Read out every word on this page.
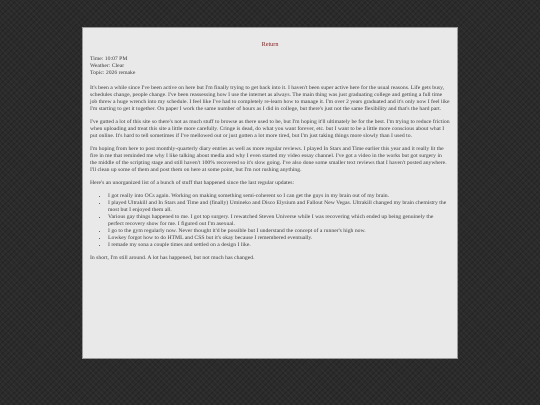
Return
Time: 10:07 PM
Weather: Clear
Topic: 2026 remake

It's been a while since I've been active on here but I'm finally trying to get back into it. I haven't been super active here for the usual reasons. Life gets busy, schedules change, people change. I've been reassessing how I use the internet as always. The main thing was just graduating college and getting a full time job threw a huge wrench into my schedule. I feel like I've had to completely re-learn how to manage it. I'm over 2 years graduated and it's only now I feel like I'm starting to get it together. On paper I work the same number of hours as I did in college, but there's just not the same flexibility and that's the hard part.

I've gutted a lot of this site so there's not as much stuff to browse as there used to be, but I'm hoping it'll ultimately be for the best. I'm trying to reduce friction when uploading and treat this site a little more carefully. Cringe is dead, do what you want forever, etc. but I want to be a little more conscious about what I put online. It's hard to tell sometimes if I've mellowed out or just gotten a lot more tired, but I'm just taking things more slowly than I used to.

I'm hoping from here to post monthly-quarterly diary entries as well as more regular reviews. I played In Stars and Time earlier this year and it really lit the fire in me that reminded me why I like talking about media and why I even started my video essay channel. I've got a video in the works but got surgery in the middle of the scripting stage and still haven't 100% recovered so it's slow going. I've also done some smaller text reviews that I haven't posted anywhere. I'll clean up some of them and post them on here at some point, but I'm not rushing anything.

Here's an unorganized list of a bunch of stuff that happened since the last regular updates:

• I got really into OCs again. Working on making something semi-coherent so I can get the guys in my brain out of my brain.
• I played Ultrakill and In Stars and Time and (finally) Umineko and Disco Elysium and Fallout New Vegas. Ultrakill changed my brain chemistry the most but I enjoyed them all.
• Various gay things happened to me. I got top surgery. I rewatched Steven Universe while I was recovering which ended up being genuinely the perfect recovery show for me. I figured out I'm asexual.
• I go to the gym regularly now. Never thought it'd be possible but I understand the concept of a runner's high now.
• Lowkey forgot how to do HTML and CSS but it's okay because I remembered eventually.
• I remade my sona a couple times and settled on a design I like.

In short, I'm still around. A lot has happened, but not much has changed.
